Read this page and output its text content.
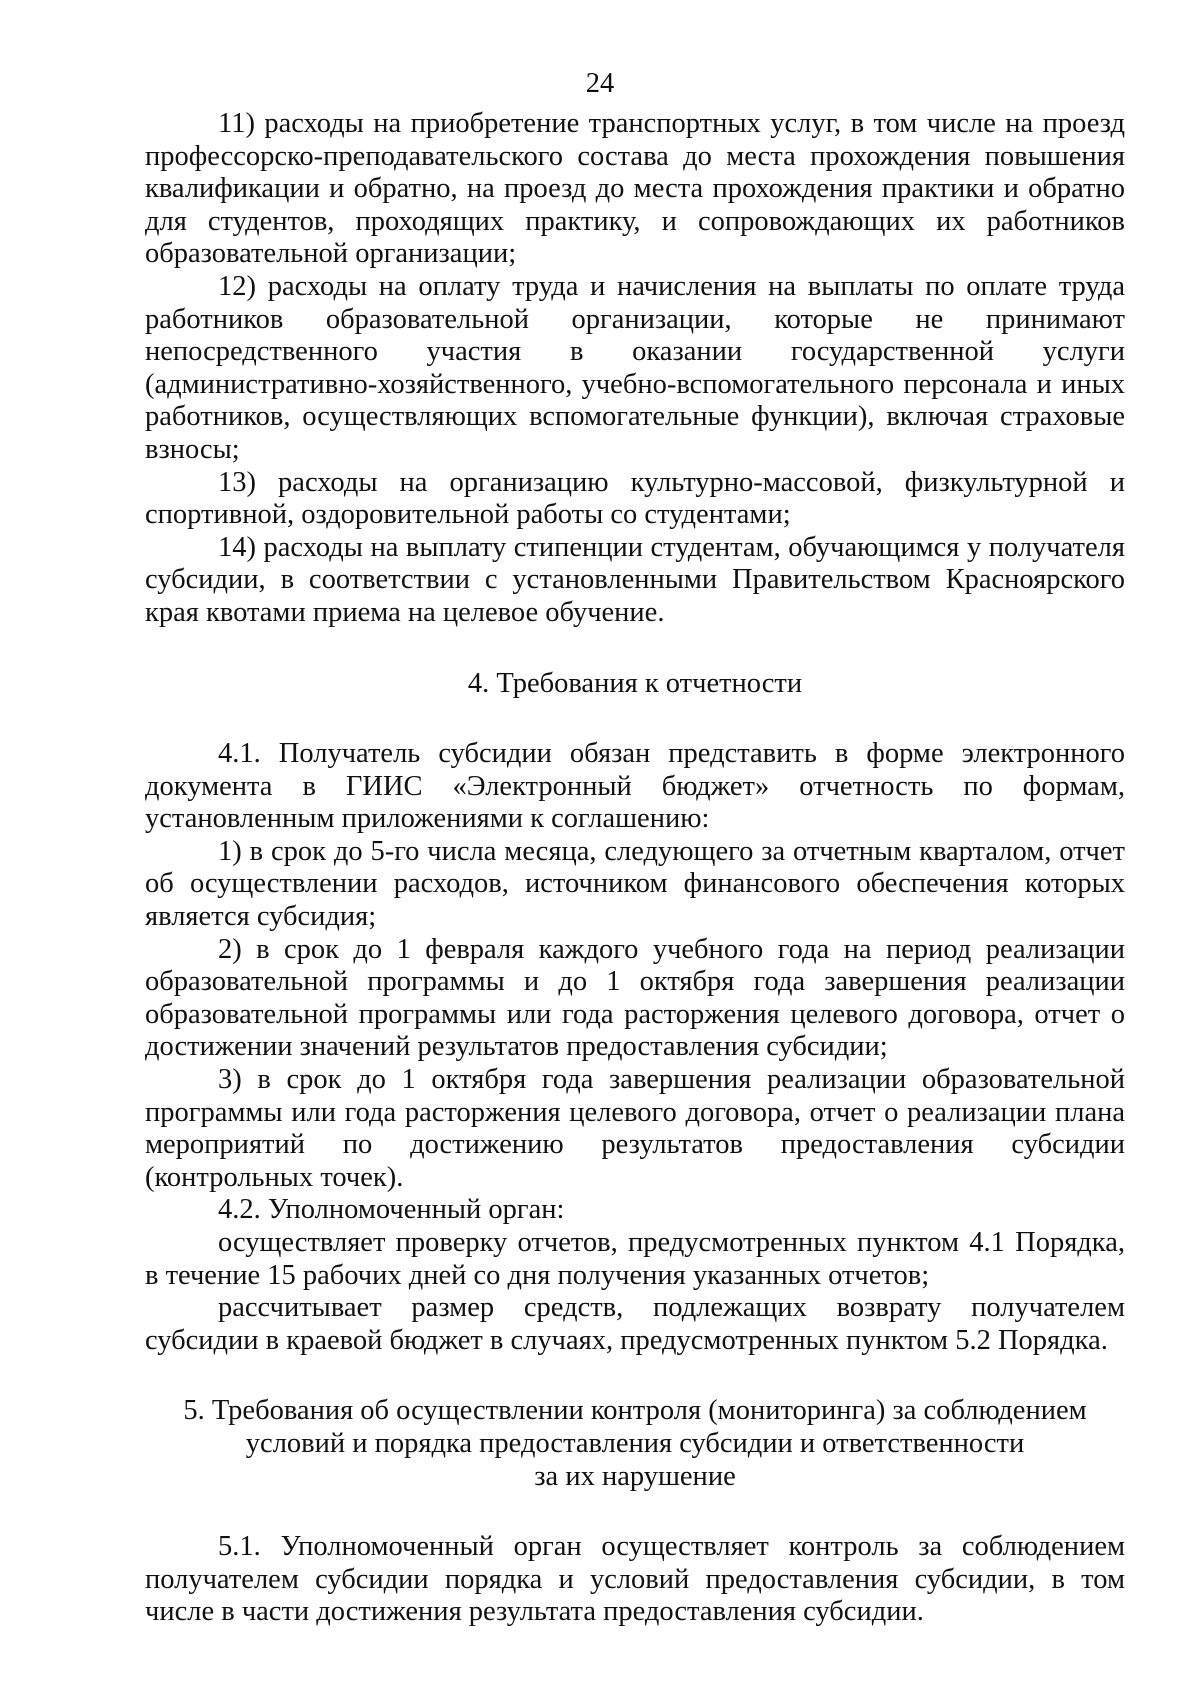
24

11) расходы на приобретение транспортных услуг, в том числе на проезд профессорско-преподавательского состава до места прохождения повышения квалификации и обратно, на проезд до места прохождения практики и обратно для студентов, проходящих практику, и сопровождающих их работников образовательной организации;

12) расходы на оплату труда и начисления на выплаты по оплате труда работников образовательной организации, которые не принимают непосредственного участия в оказании государственной услуги (административно-хозяйственного, учебно-вспомогательного персонала и иных работников, осуществляющих вспомогательные функции), включая страховые взносы;

13) расходы на организацию культурно-массовой, физкультурной и спортивной, оздоровительной работы со студентами;

14) расходы на выплату стипенции студентам, обучающимся у получателя субсидии, в соответствии с установленными Правительством Красноярского края квотами приема на целевое обучение.

4. Требования к отчетности

4.1. Получатель субсидии обязан представить в форме электронного документа в ГИИС «Электронный бюджет» отчетность по формам, установленным приложениями к соглашению:

1) в срок до 5-го числа месяца, следующего за отчетным кварталом, отчет об осуществлении расходов, источником финансового обеспечения которых является субсидия;

2) в срок до 1 февраля каждого учебного года на период реализации образовательной программы и до 1 октября года завершения реализации образовательной программы или года расторжения целевого договора, отчет о достижении значений результатов предоставления субсидии;

3) в срок до 1 октября года завершения реализации образовательной программы или года расторжения целевого договора, отчет о реализации плана мероприятий по достижению результатов предоставления субсидии (контрольных точек).

4.2. Уполномоченный орган:

осуществляет проверку отчетов, предусмотренных пунктом 4.1 Порядка, в течение 15 рабочих дней со дня получения указанных отчетов;

рассчитывает размер средств, подлежащих возврату получателем субсидии в краевой бюджет в случаях, предусмотренных пунктом 5.2 Порядка.

5. Требования об осуществлении контроля (мониторинга) за соблюдением

условий и порядка предоставления субсидии и ответственности

за их нарушение

5.1. Уполномоченный орган осуществляет контроль за соблюдением получателем субсидии порядка и условий предоставления субсидии, в том числе в части достижения результата предоставления субсидии.
